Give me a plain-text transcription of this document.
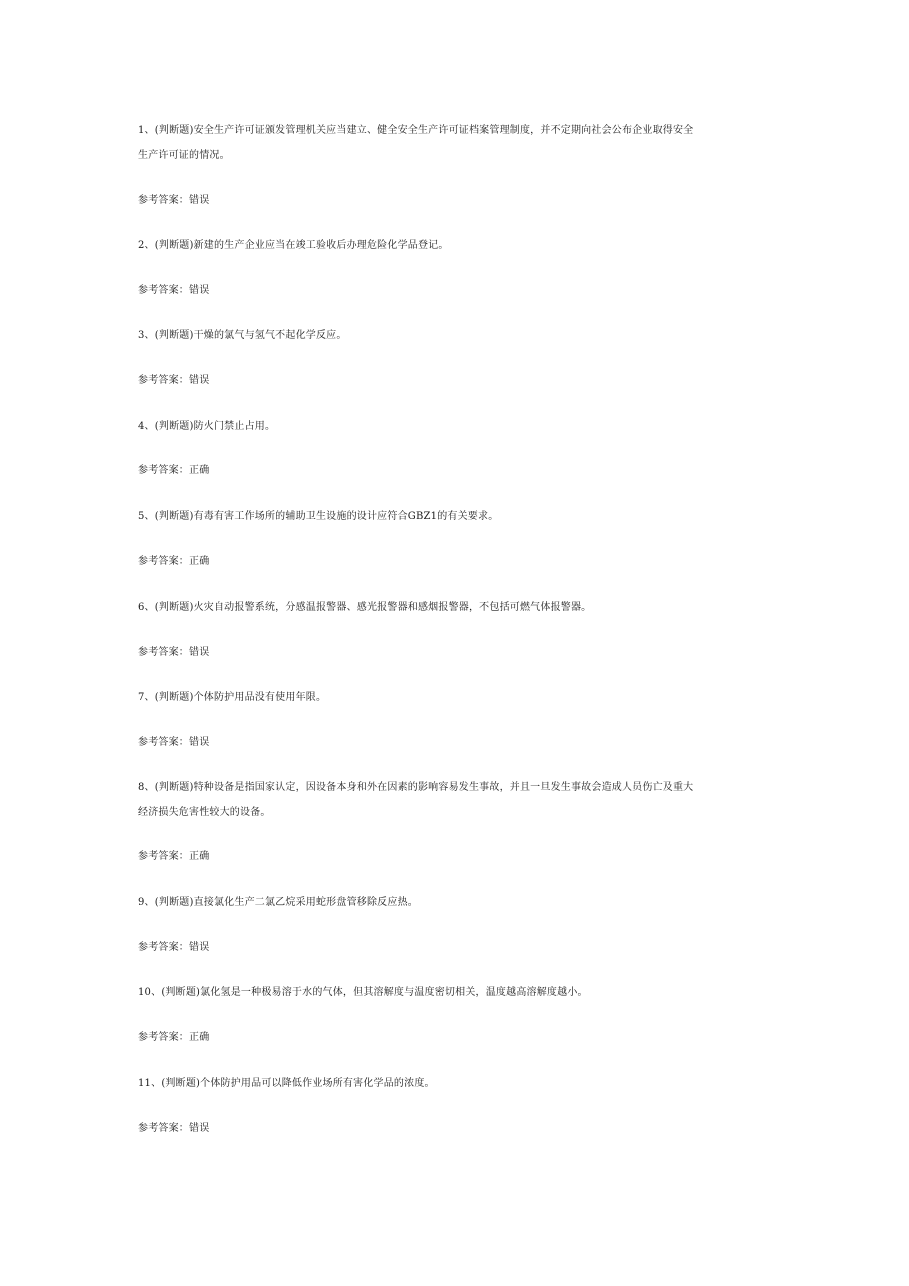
1、(判断题)安全生产许可证颁发管理机关应当建立、健全安全生产许可证档案管理制度，并不定期向社会公布企业取得安全
生产许可证的情况。
参考答案：错误
2、(判断题)新建的生产企业应当在竣工验收后办理危险化学品登记。
参考答案：错误
3、(判断题)干燥的氯气与氢气不起化学反应。
参考答案：错误
4、(判断题)防火门禁止占用。
参考答案：正确
5、(判断题)有毒有害工作场所的辅助卫生设施的设计应符合GBZ1的有关要求。
参考答案：正确
6、(判断题)火灾自动报警系统，分感温报警器、感光报警器和感烟报警器，不包括可燃气体报警器。
参考答案：错误
7、(判断题)个体防护用品没有使用年限。
参考答案：错误
8、(判断题)特种设备是指国家认定，因设备本身和外在因素的影响容易发生事故，并且一旦发生事故会造成人员伤亡及重大
经济损失危害性较大的设备。
参考答案：正确
9、(判断题)直接氯化生产二氯乙烷采用蛇形盘管移除反应热。
参考答案：错误
10、(判断题)氯化氢是一种极易溶于水的气体，但其溶解度与温度密切相关，温度越高溶解度越小。
参考答案：正确
11、(判断题)个体防护用品可以降低作业场所有害化学品的浓度。
参考答案：错误
